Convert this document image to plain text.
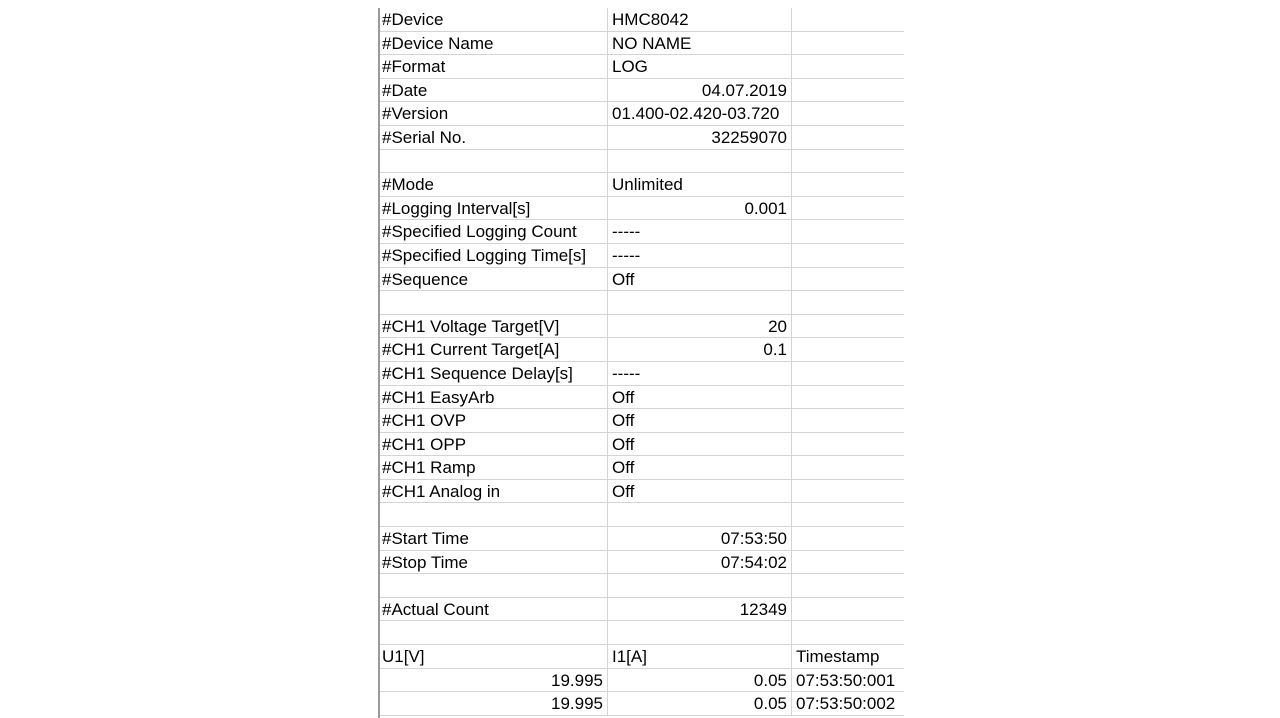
#Device	HMC8042
#Device Name	NO NAME
#Format	LOG
#Date	04.07.2019
#Version	01.400-02.420-03.720
#Serial No.	32259070
#Mode	Unlimited
#Logging Interval[s]	0.001
#Specified Logging Count	-----
#Specified Logging Time[s]	-----
#Sequence	Off
#CH1 Voltage Target[V]	20
#CH1 Current Target[A]	0.1
#CH1 Sequence Delay[s]	-----
#CH1 EasyArb	Off
#CH1 OVP	Off
#CH1 OPP	Off
#CH1 Ramp	Off
#CH1 Analog in	Off
#Start Time	07:53:50
#Stop Time	07:54:02
#Actual Count	12349
U1[V]	I1[A]	Timestamp
19.995	0.05 07:53:50:001
19.995	0.05 07:53:50:002
